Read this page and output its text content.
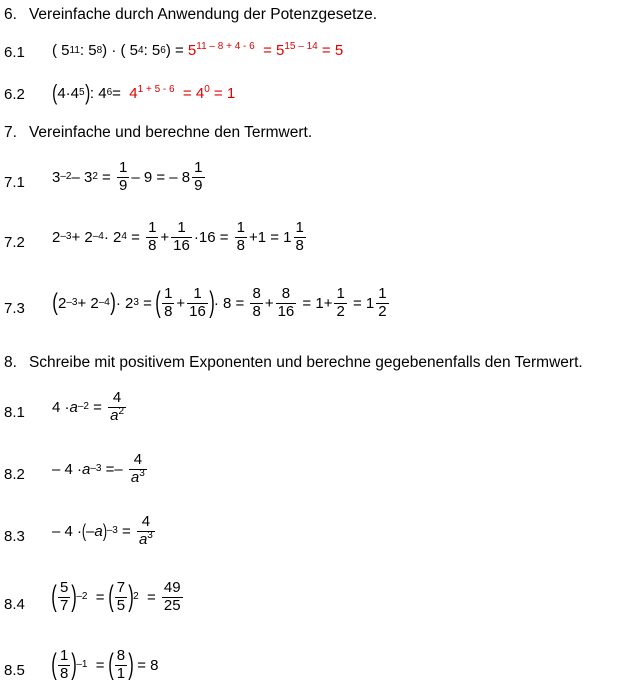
6. Vereinfache durch Anwendung der Potenzgesetze.
6.1 ( 5 11 : 5 8 ) · ( 5 4 : 5 6 ) = $5^{11 - 8 + 4 - 6}$
= $5^{15 - 14} = 5$
6.2 ( 4·4 5 ) : 4 $6 = 4^{1 + 5 - 6}$
= $4^0 = 1$
7. Vereinfache und berechne den Termwert.
7.1 3 –2 – 3 $2 = \frac{1}{9} - 9$ = – $8 \frac{1}{9}$
7.2 2 –3 + 2 –4 · 2 $4 = \frac{1}{8} + \frac{1}{16} \cdot 16 = \frac{1}{8} +1 = 1 \frac{1}{8}$
7.3 ( 2 –3 + 2 –4 ) · 2 3 = ( $\frac{1}{8} + \frac{1}{16}$ ) · $8 = \frac{8}{8} + \frac{8}{16} = 1+ \frac{1}{2} = 1 \frac{1}{2}$
8. Schreibe mit positivem Exponenten und berechne gegebenenfalls den Termwert.
8.1 4 · a $-2 = \frac{4}{a^2}$
8.2 – 4 · a $-3 =- \frac{4}{a^3}$
8.3 – 4 · ( – a ) $-3 = \frac{4}{a^3}$
8.4 ( $\frac{5}{7}$ ) –2 = ( $\frac{7}{5}$ ) $2 = \frac{49}{25}$
8.5 ( $\frac{1}{8}$ ) –1 = ( $\frac{8}{1}$ ) = 8
